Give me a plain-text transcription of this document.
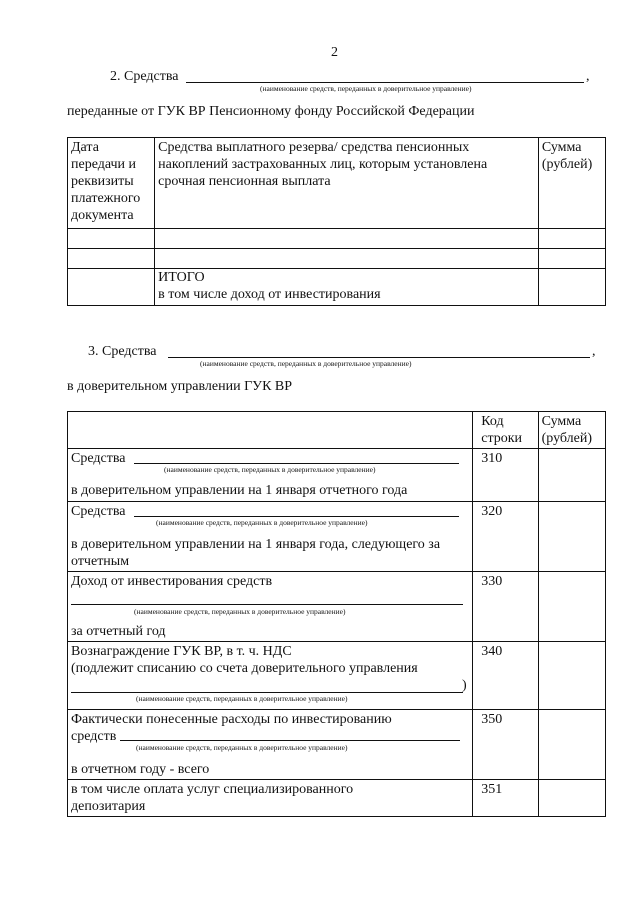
2
2. Средства	,
(наименование средств, переданных в доверительное управление)
переданные от ГУК ВР Пенсионному фонду Российской Федерации
Дата передачи и реквизиты платежного документа	Средства выплатного резерва/ средства пенсионных накоплений застрахованных лиц, которым установлена срочная пенсионная выплата	Сумма (рублей)

	ИТОГО
в том числе доход от инвестирования	

3. Средства	,
(наименование средств, переданных в доверительное управление)
в доверительном управлении ГУК ВР

	Код строки	Сумма (рублей)

Средства
(наименование средств, переданных в доверительное управление)
в доверительном управлении на 1 января отчетного года	310	

Средства
(наименование средств, переданных в доверительное управление)
в доверительном управлении на 1 января года, следующего за отчетным	320	

Доход от инвестирования средств
(наименование средств, переданных в доверительное управление)
за отчетный год	330	

Вознаграждение ГУК ВР, в т. ч. НДС
(подлежит списанию со счета доверительного управления
)
(наименование средств, переданных в доверительное управление)	340	

Фактически понесенные расходы по инвестированию
средств
(наименование средств, переданных в доверительное управление)
в отчетном году - всего	350	

в том числе оплата услуг специализированного депозитария	351	
